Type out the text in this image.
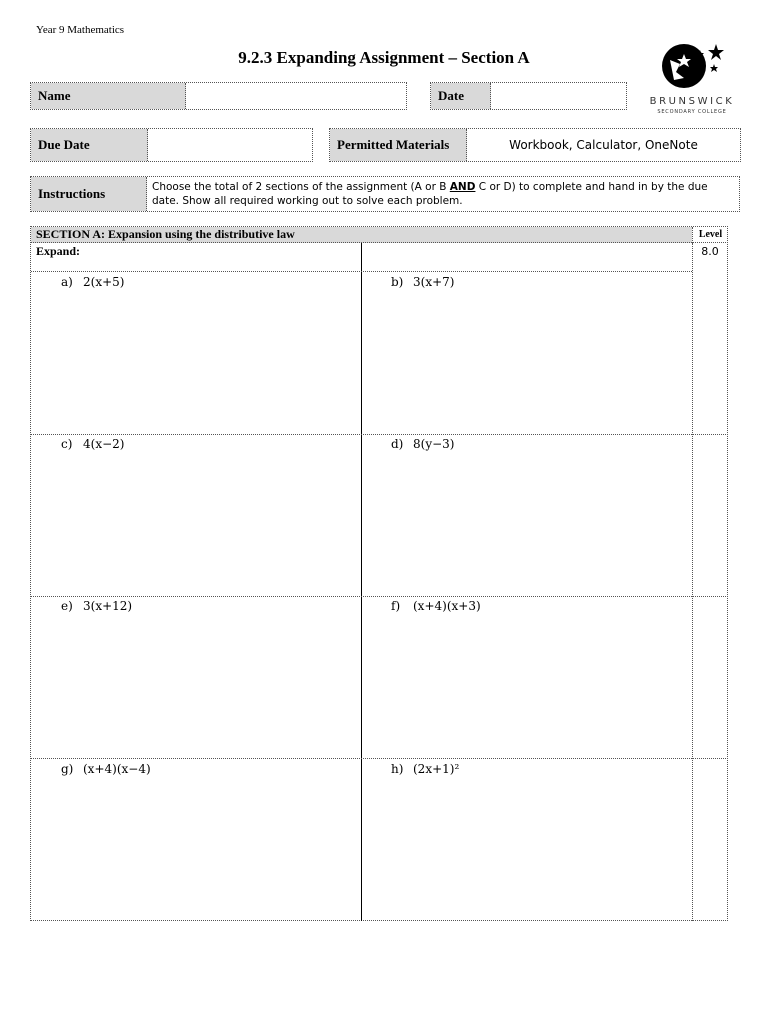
Year 9 Mathematics
9.2.3 Expanding Assignment – Section A
BRUNSWICK
SECONDARY COLLEGE
Name	Date
Due Date	Permitted Materials	Workbook, Calculator, OneNote
Instructions	Choose the total of 2 sections of the assignment (A or B AND C or D) to complete and hand in by the due date. Show all required working out to solve each problem.
SECTION A: Expansion using the distributive law	Level
Expand:	8.0
a) 2(x+5)	b) 3(x+7)
c) 4(x−2)	d) 8(y−3)
e) 3(x+12)	f) (x+4)(x+3)
g) (x+4)(x−4)	h) (2x+1)²
